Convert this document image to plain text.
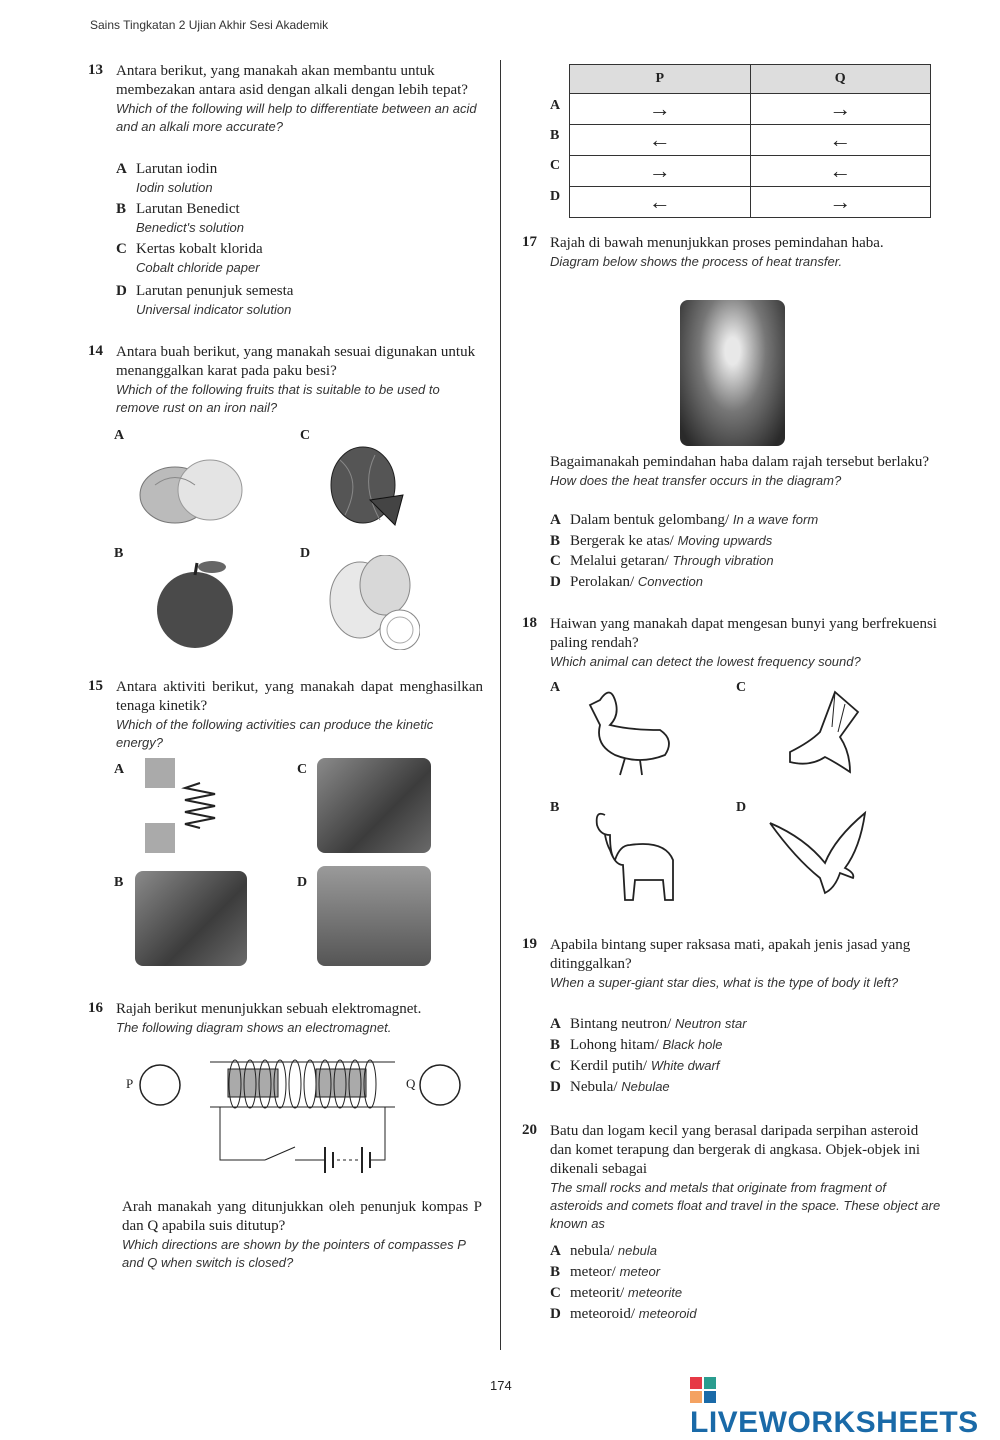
Sains Tingkatan 2 Ujian Akhir Sesi Akademik
13 Antara berikut, yang manakah akan membantu untuk membezakan antara asid dengan alkali dengan lebih tepat?
Which of the following will help to differentiate between an acid and an alkali more accurate?
A Larutan iodin
Iodin solution
B Larutan Benedict
Benedict's solution
C Kertas kobalt klorida
Cobalt chloride paper
D Larutan penunjuk semesta
Universal indicator solution
14 Antara buah berikut, yang manakah sesuai digunakan untuk menanggalkan karat pada paku besi?
Which of the following fruits that is suitable to be used to remove rust on an iron nail?
A	C
B	D
15 Antara aktiviti berikut, yang manakah dapat menghasilkan tenaga kinetik?
Which of the following activities can produce the kinetic energy?
A	C
B	D
16 Rajah berikut menunjukkan sebuah elektromagnet.
The following diagram shows an electromagnet.
P	Q
Arah manakah yang ditunjukkan oleh penunjuk kompas P dan Q apabila suis ditutup?
Which directions are shown by the pointers of compasses P and Q when switch is closed?
P	Q
→	→
←	←
→	←
←	→
A
B
C
D
17 Rajah di bawah menunjukkan proses pemindahan haba.
Diagram below shows the process of heat transfer.
Bagaimanakah pemindahan haba dalam rajah tersebut berlaku?
How does the heat transfer occurs in the diagram?
A Dalam bentuk gelombang/ In a wave form
B Bergerak ke atas/ Moving upwards
C Melalui getaran/ Through vibration
D Perolakan/ Convection
18 Haiwan yang manakah dapat mengesan bunyi yang berfrekuensi paling rendah?
Which animal can detect the lowest frequency sound?
A	C
B	D
19 Apabila bintang super raksasa mati, apakah jenis jasad yang ditinggalkan?
When a super-giant star dies, what is the type of body it left?
A Bintang neutron/ Neutron star
B Lohong hitam/ Black hole
C Kerdil putih/ White dwarf
D Nebula/ Nebulae
20 Batu dan logam kecil yang berasal daripada serpihan asteroid dan komet terapung dan bergerak di angkasa. Objek-objek ini dikenali sebagai
The small rocks and metals that originate from fragment of asteroids and comets float and travel in the space. These object are known as
A nebula/ nebula
B meteor/ meteor
C meteorit/ meteorite
D meteoroid/ meteoroid
174
LIVEWORKSHEETS
